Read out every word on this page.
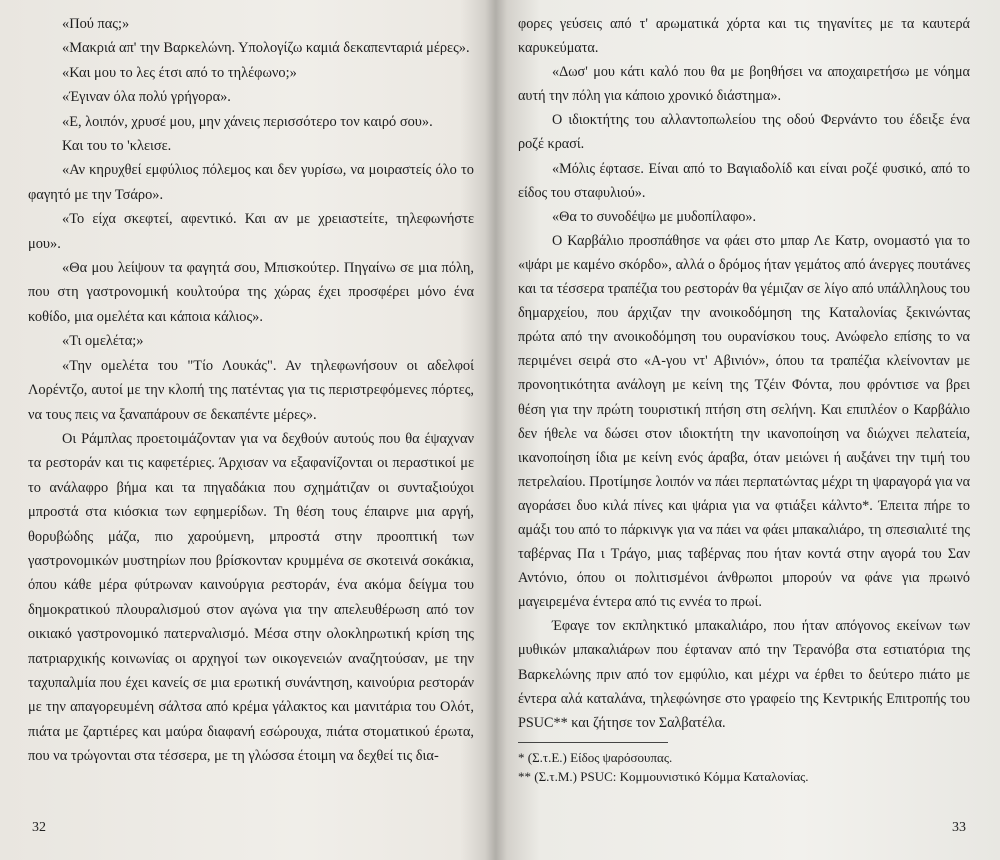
«Πού πας;»

«Μακριά απ' την Βαρκελώνη. Υπολογίζω καμιά δεκαπενταριά μέρες».

«Και μου το λες έτσι από το τηλέφωνο;»

«Έγιναν όλα πολύ γρήγορα».

«Ε, λοιπόν, χρυσέ μου, μην χάνεις περισσότερο τον καιρό σου».

Και του το 'κλεισε.

«Αν κηρυχθεί εμφύλιος πόλεμος και δεν γυρίσω, να μοιραστείς όλο το φαγητό με την Τσάρο».

«Το είχα σκεφτεί, αφεντικό. Και αν με χρειαστείτε, τηλεφωνήστε μου».

«Θα μου λείψουν τα φαγητά σου, Μπισκούτερ. Πηγαίνω σε μια πόλη, που στη γαστρονομική κουλτούρα της χώρας έχει προσφέρει μόνο ένα κοθίδο, μια ομελέτα και κάποια κάλιος».

«Τι ομελέτα;»

«Την ομελέτα του "Τίο Λουκάς". Αν τηλεφωνήσουν οι αδελφοί Λορέντζο, αυτοί με την κλοπή της πατέντας για τις περιστρεφόμενες πόρτες, να τους πεις να ξαναπάρουν σε δεκαπέντε μέρες».

Οι Ράμπλας προετοιμάζονταν για να δεχθούν αυτούς που θα έψαχναν τα ρεστοράν και τις καφετέριες. Άρχισαν να εξαφανίζονται οι περαστικοί με το ανάλαφρο βήμα και τα πηγαδάκια που σχημάτιζαν οι συνταξιούχοι μπροστά στα κιόσκια των εφημερίδων. Τη θέση τους έπαιρνε μια αργή, θορυβώδης μάζα, πιο χαρούμενη, μπροστά στην προοπτική των γαστρονομικών μυστηρίων που βρίσκονταν κρυμμένα σε σκοτεινά σοκάκια, όπου κάθε μέρα φύτρωναν καινούργια ρεστοράν, ένα ακόμα δείγμα του δημοκρατικού πλουραλισμού στον αγώνα για την απελευθέρωση από τον οικιακό γαστρονομικό πατερναλισμό. Μέσα στην ολοκληρωτική κρίση της πατριαρχικής κοινωνίας οι αρχηγοί των οικογενειών αναζητούσαν, με την ταχυπαλμία που έχει κανείς σε μια ερωτική συνάντηση, καινούρια ρεστοράν με την απαγορευμένη σάλτσα από κρέμα γάλακτος και μανιτάρια του Ολότ, πιάτα με ζαρτιέρες και μαύρα διαφανή εσώρουχα, πιάτα στοματικού έρωτα, που να τρώγονται στα τέσσερα, με τη γλώσσα έτοιμη να δεχθεί τις δια-

φορες γεύσεις από τ' αρωματικά χόρτα και τις τηγανίτες με τα καυτερά καρυκεύματα.

«Δωσ' μου κάτι καλό που θα με βοηθήσει να αποχαιρετήσω με νόημα αυτή την πόλη για κάποιο χρονικό διάστημα».

Ο ιδιοκτήτης του αλλαντοπωλείου της οδού Φερνάντο του έδειξε ένα ροζέ κρασί.

«Μόλις έφτασε. Είναι από το Βαγιαδολίδ και είναι ροζέ φυσικό, από το είδος του σταφυλιού».

«Θα το συνοδέψω με μυδοπίλαφο».

Ο Καρβάλιο προσπάθησε να φάει στο μπαρ Λε Κατρ, ονομαστό για το «ψάρι με καμένο σκόρδο», αλλά ο δρόμος ήταν γεμάτος από άνεργες πουτάνες και τα τέσσερα τραπέζια του ρεστοράν θα γέμιζαν σε λίγο από υπάλληλους του δημαρχείου, που άρχιζαν την ανοικοδόμηση της Καταλονίας ξεκινώντας πρώτα από την ανοικοδόμηση του ουρανίσκου τους. Ανώφελο επίσης το να περιμένει σειρά στο «Α-γου ντ' Αβινιόν», όπου τα τραπέζια κλείνονταν με προνοητικότητα ανάλογη με κείνη της Τζέιν Φόντα, που φρόντισε να βρει θέση για την πρώτη τουριστική πτήση στη σελήνη. Και επιπλέον ο Καρβάλιο δεν ήθελε να δώσει στον ιδιοκτήτη την ικανοποίηση να διώχνει πελατεία, ικανοποίηση ίδια με κείνη ενός άραβα, όταν μειώνει ή αυξάνει την τιμή του πετρελαίου. Προτίμησε λοιπόν να πάει περπατώντας μέχρι τη ψαραγορά για να αγοράσει δυο κιλά πίνες και ψάρια για να φτιάξει κάλντο*. Έπειτα πήρε το αμάξι του από το πάρκινγκ για να πάει να φάει μπακαλιάρο, τη σπεσιαλιτέ της ταβέρνας Πα ι Τράγο, μιας ταβέρνας που ήταν κοντά στην αγορά του Σαν Αντόνιο, όπου οι πολιτισμένοι άνθρωποι μπορούν να φάνε για πρωινό μαγειρεμένα έντερα από τις εννέα το πρωί.

Έφαγε τον εκπληκτικό μπακαλιάρο, που ήταν απόγονος εκείνων των μυθικών μπακαλιάρων που έφταναν από την Τερανόβα στα εστιατόρια της Βαρκελώνης πριν από τον εμφύλιο, και μέχρι να έρθει το δεύτερο πιάτο με έντερα αλά καταλάνα, τηλεφώνησε στο γραφείο της Κεντρικής Επιτροπής του PSUC** και ζήτησε τον Σαλβατέλα.

* (Σ.τ.Ε.) Είδος ψαρόσουπας.

** (Σ.τ.Μ.) PSUC: Κομμουνιστικό Κόμμα Καταλονίας.

32	33
